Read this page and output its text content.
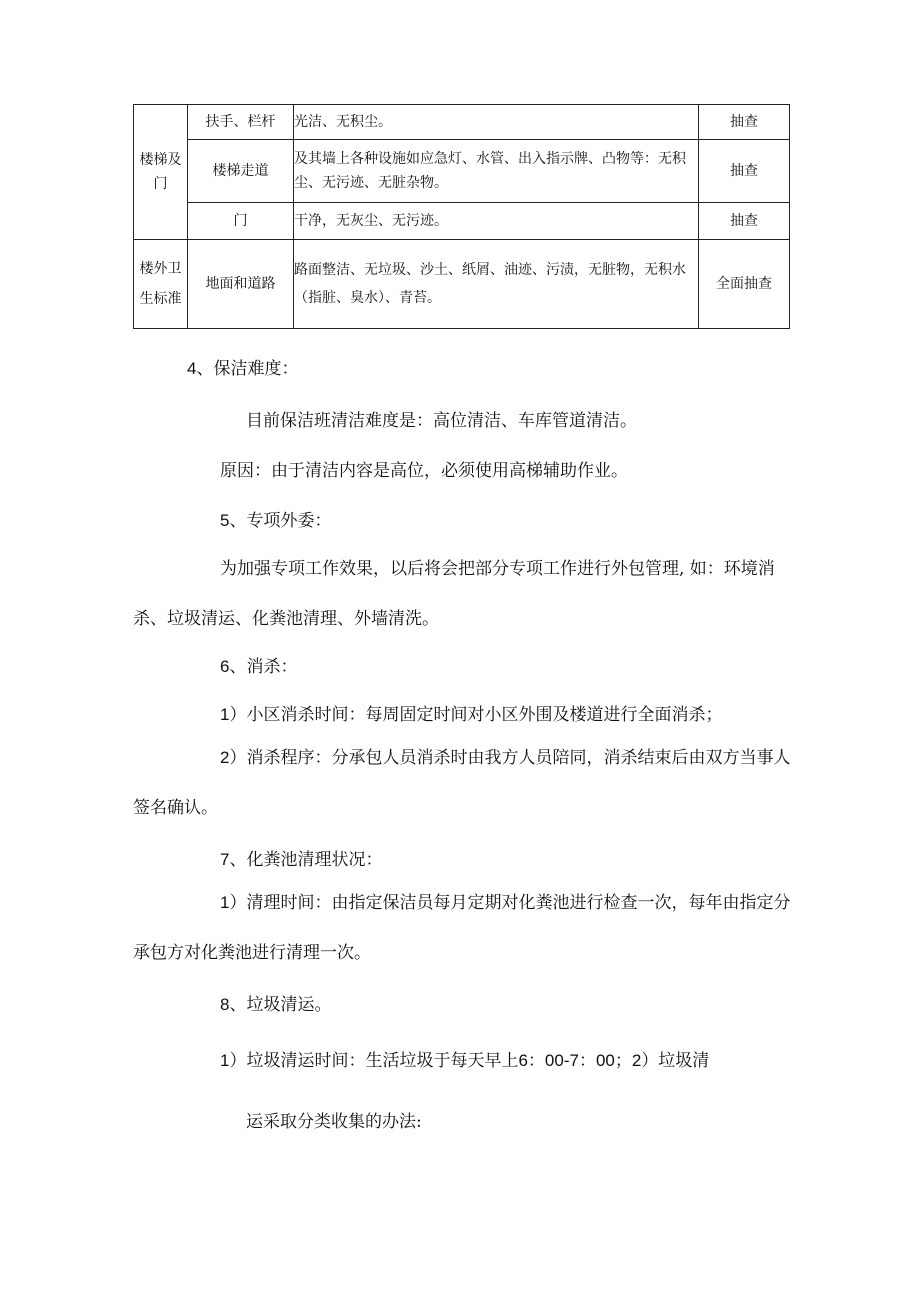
楼梯及门	扶手、栏杆	光洁、无积尘。	抽查
	楼梯走道	及其墙上各种设施如应急灯、水管、出入指示牌、凸物等：无积尘、无污迹、无脏杂物。	抽查
	门	干净，无灰尘、无污迹。	抽查
楼外卫生标准	地面和道路	路面整洁、无垃圾、沙土、纸屑、油迹、污渍，无脏物，无积水（指脏、臭水）、青苔。	全面抽查

4、保洁难度：

目前保洁班清洁难度是：高位清洁、车库管道清洁。

原因：由于清洁内容是高位，必须使用高梯辅助作业。

5、专项外委：

为加强专项工作效果，以后将会把部分专项工作进行外包管理, 如：环境消杀、垃圾清运、化粪池清理、外墙清洗。

6、消杀：

1）小区消杀时间：每周固定时间对小区外围及楼道进行全面消杀；

2）消杀程序：分承包人员消杀时由我方人员陪同，消杀结束后由双方当事人签名确认。

7、化粪池清理状况：

1）清理时间：由指定保洁员每月定期对化粪池进行检查一次，每年由指定分承包方对化粪池进行清理一次。

8、垃圾清运。

1）垃圾清运时间：生活垃圾于每天早上6：00-7：00；2）垃圾清

运采取分类收集的办法:
